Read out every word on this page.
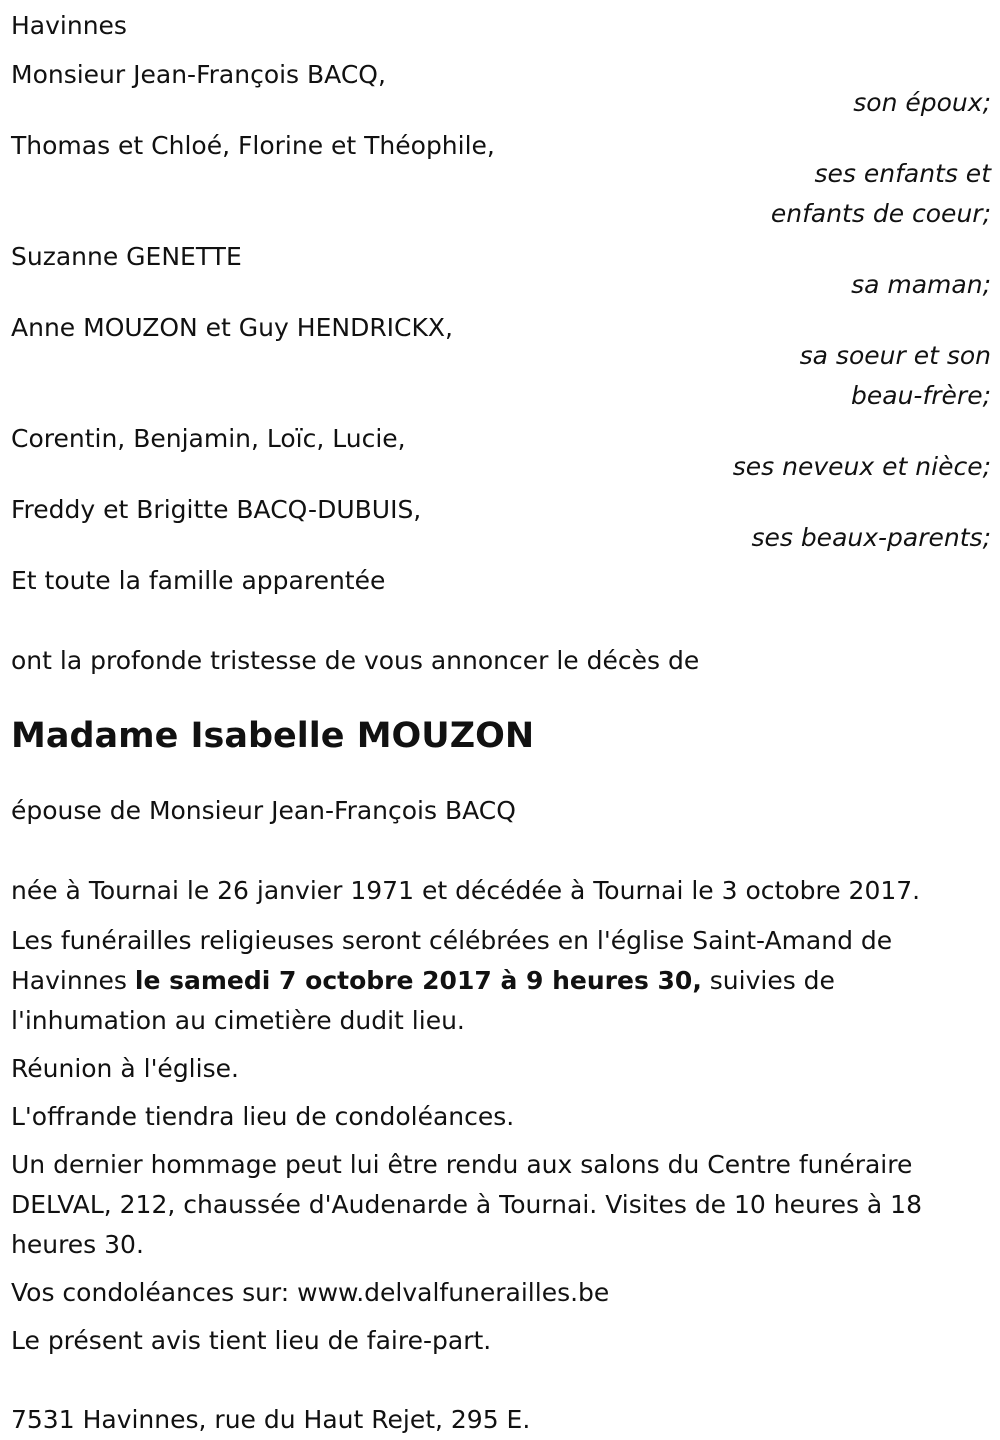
Havinnes

Monsieur Jean-François BACQ,
son époux;
Thomas et Chloé, Florine et Théophile,
ses enfants et
enfants de coeur;
Suzanne GENETTE
sa maman;
Anne MOUZON et Guy HENDRICKX,
sa soeur et son
beau-frère;
Corentin, Benjamin, Loïc, Lucie,
ses neveux et nièce;
Freddy et Brigitte BACQ-DUBUIS,
ses beaux-parents;

Et toute la famille apparentée

ont la profonde tristesse de vous annoncer le décès de

Madame Isabelle MOUZON

épouse de Monsieur Jean-François BACQ

née à Tournai le 26 janvier 1971 et décédée à Tournai le 3 octobre 2017.

Les funérailles religieuses seront célébrées en l'église Saint-Amand de Havinnes le samedi 7 octobre 2017 à 9 heures 30, suivies de l'inhumation au cimetière dudit lieu.

Réunion à l'église.

L'offrande tiendra lieu de condoléances.

Un dernier hommage peut lui être rendu aux salons du Centre funéraire DELVAL, 212, chaussée d'Audenarde à Tournai. Visites de 10 heures à 18 heures 30.

Vos condoléances sur: www.delvalfunerailles.be

Le présent avis tient lieu de faire-part.

7531 Havinnes, rue du Haut Rejet, 295 E.
